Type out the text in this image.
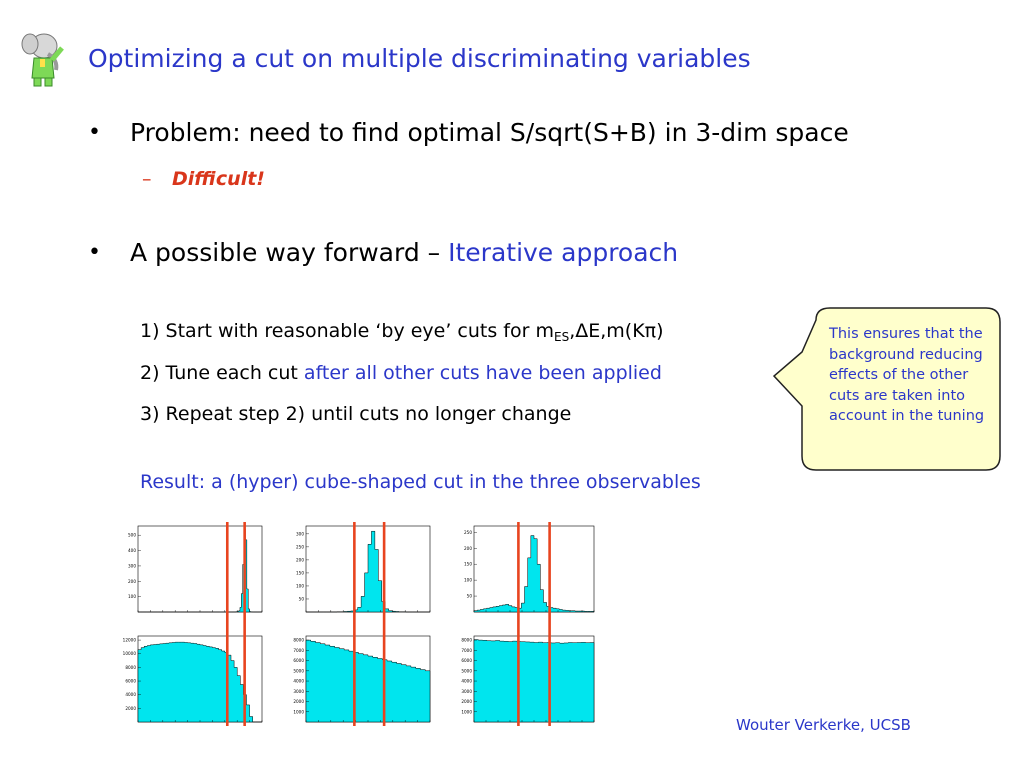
Optimizing a cut on multiple discriminating variables
• Problem: need to find optimal S/sqrt(S+B) in 3-dim space
– Difficult!
• A possible way forward – Iterative approach
1) Start with reasonable ‘by eye’ cuts for $m_{ES},\Delta E,m(K\pi)$
2) Tune each cut after all other cuts have been applied
3) Repeat step 2) until cuts no longer change
Result: a (hyper) cube-shaped cut in the three observables
This ensures that the background reducing effects of the other cuts are taken into account in the tuning
100
200
300
400
500
50
100
150
200
250
300
50
100
150
200
250
2000
4000
6000
8000
10000
12000
1000
2000
3000
4000
5000
6000
7000
8000
1000
2000
3000
4000
5000
6000
7000
8000
Wouter Verkerke, UCSB
